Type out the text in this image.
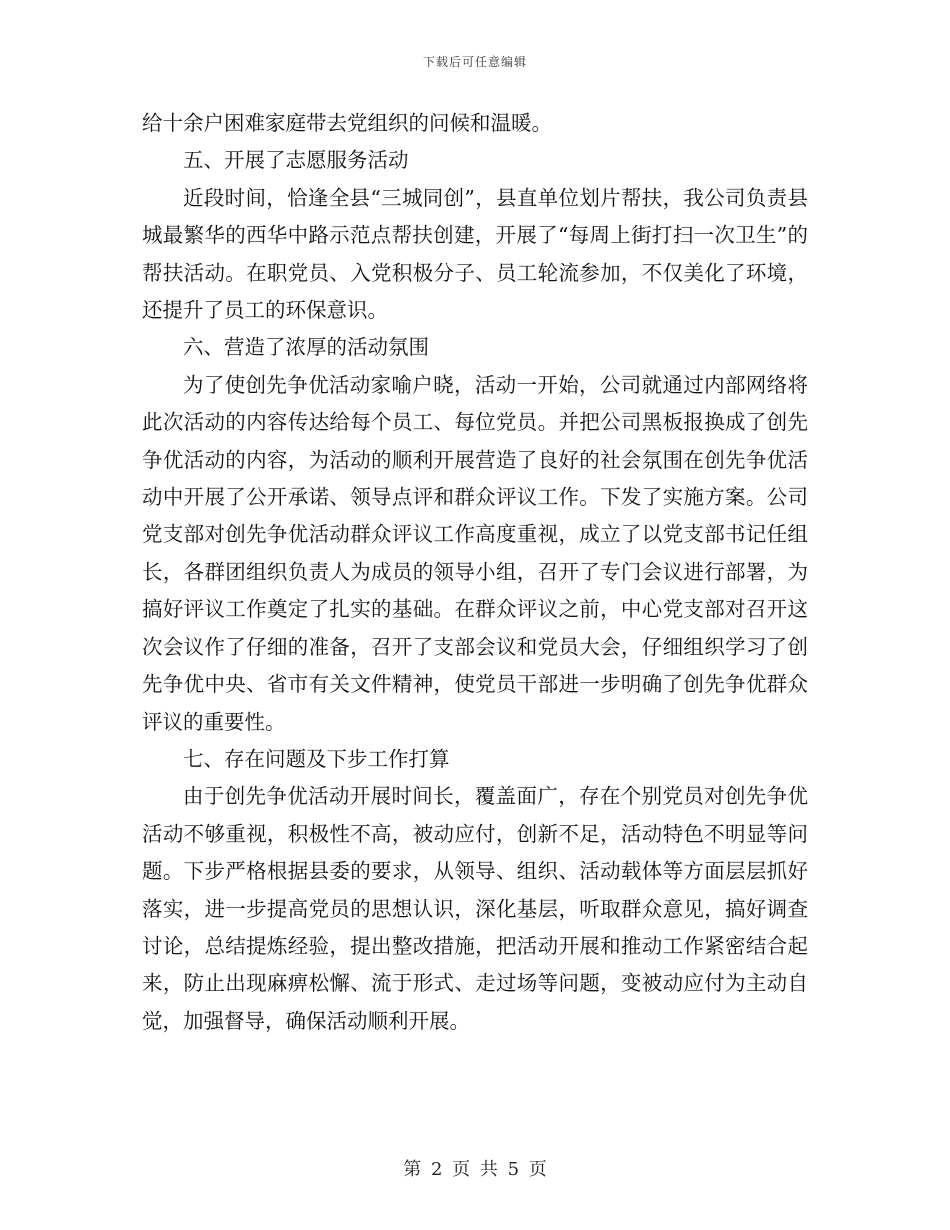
下载后可任意编辑

给十余户困难家庭带去党组织的问候和温暖。

五、开展了志愿服务活动

近段时间，恰逢全县“三城同创”，县直单位划片帮扶，我公司负责县城最繁华的西华中路示范点帮扶创建，开展了“每周上街打扫一次卫生”的帮扶活动。在职党员、入党积极分子、员工轮流参加，不仅美化了环境，还提升了员工的环保意识。

六、营造了浓厚的活动氛围

为了使创先争优活动家喻户晓，活动一开始，公司就通过内部网络将此次活动的内容传达给每个员工、每位党员。并把公司黑板报换成了创先争优活动的内容，为活动的顺利开展营造了良好的社会氛围在创先争优活动中开展了公开承诺、领导点评和群众评议工作。下发了实施方案。公司党支部对创先争优活动群众评议工作高度重视，成立了以党支部书记任组长，各群团组织负责人为成员的领导小组，召开了专门会议进行部署，为搞好评议工作奠定了扎实的基础。在群众评议之前，中心党支部对召开这次会议作了仔细的准备，召开了支部会议和党员大会，仔细组织学习了创先争优中央、省市有关文件精神，使党员干部进一步明确了创先争优群众评议的重要性。

七、存在问题及下步工作打算

由于创先争优活动开展时间长，覆盖面广，存在个别党员对创先争优活动不够重视，积极性不高，被动应付，创新不足，活动特色不明显等问题。下步严格根据县委的要求，从领导、组织、活动载体等方面层层抓好落实，进一步提高党员的思想认识，深化基层，听取群众意见，搞好调查讨论，总结提炼经验，提出整改措施，把活动开展和推动工作紧密结合起来，防止出现麻痹松懈、流于形式、走过场等问题，变被动应付为主动自觉，加强督导，确保活动顺利开展。

第 2 页 共 5 页
